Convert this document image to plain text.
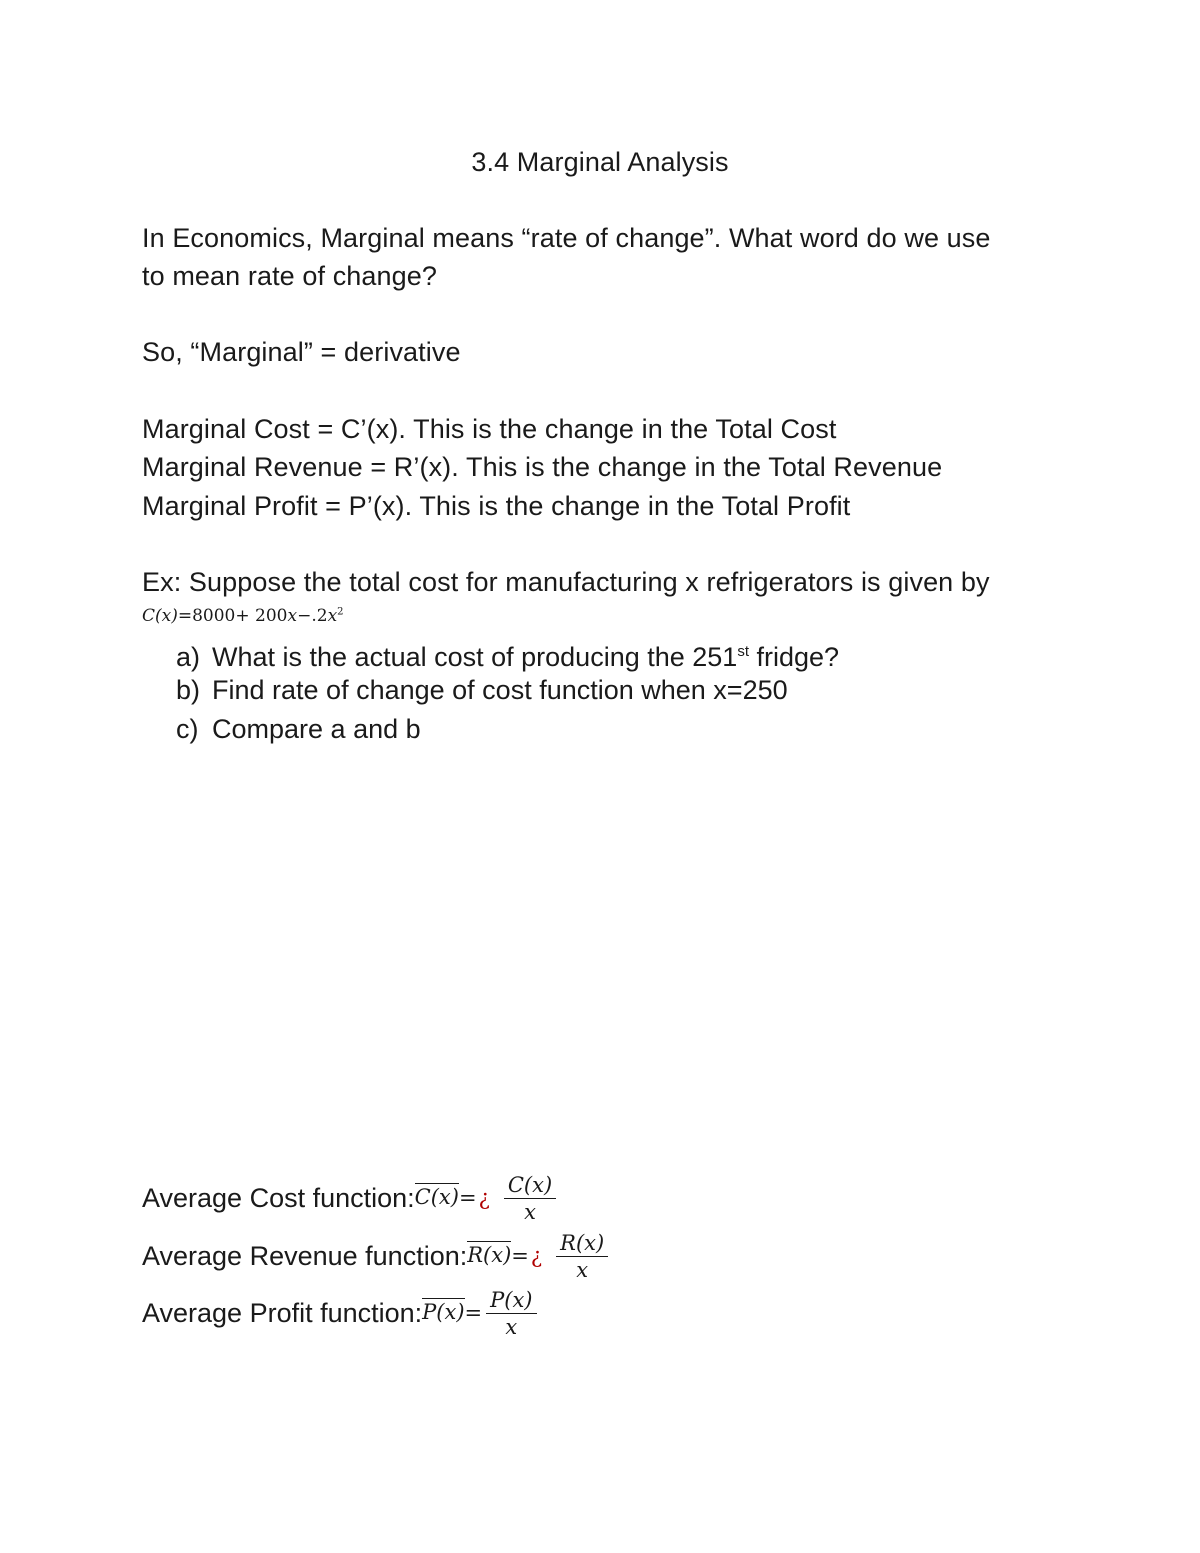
3.4 Marginal Analysis
In Economics, Marginal means “rate of change”. What word do we use
to mean rate of change?
So, “Marginal” = derivative
Marginal Cost = C’(x). This is the change in the Total Cost
Marginal Revenue = R’(x). This is the change in the Total Revenue
Marginal Profit = P’(x). This is the change in the Total Profit
Ex: Suppose the total cost for manufacturing x refrigerators is given by
$C(x)=8000+ 200x-.2x^2$
a) What is the actual cost of producing the 251st fridge?
b) Find rate of change of cost function when x=250
c) Compare a and b
Average Cost function: C(x) = ¿ $\frac{C(x)}{x}$
Average Revenue function: R(x) = ¿ $\frac{R(x)}{x}$
Average Profit function: $P(x) = \frac{P(x)}{x}$
